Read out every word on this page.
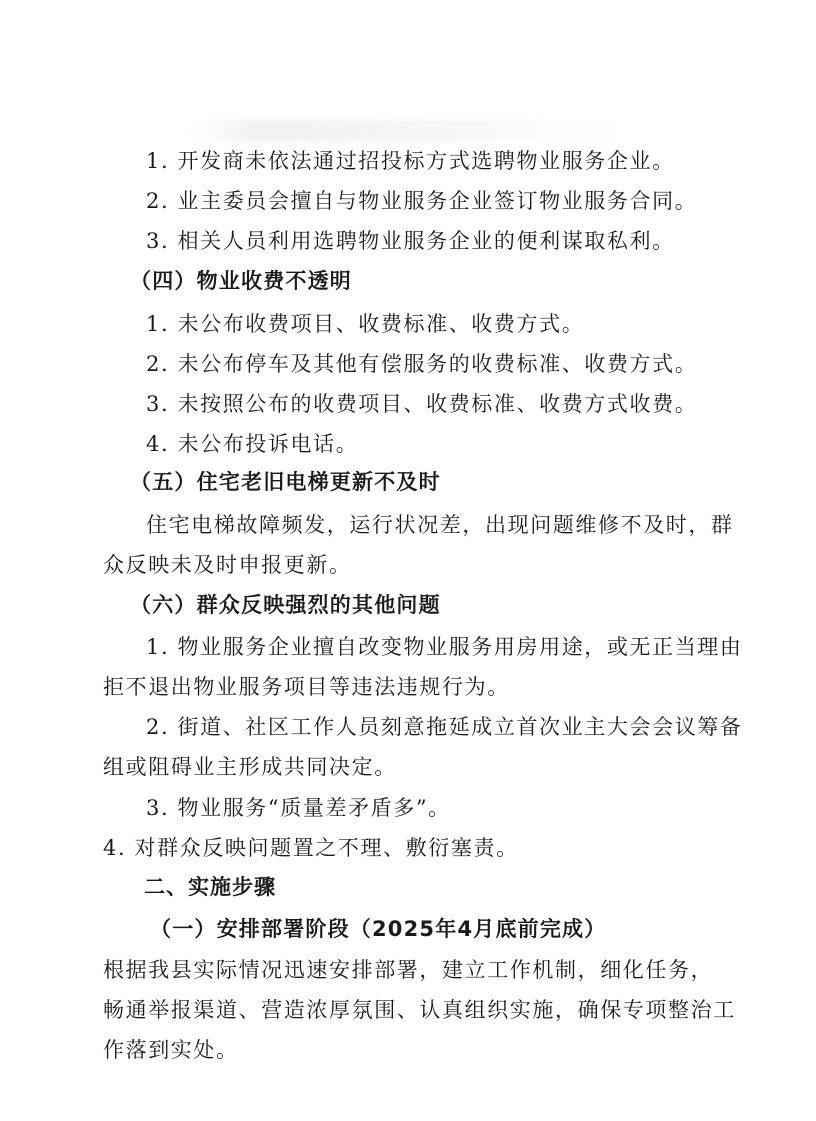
1. 开发商未依法通过招投标方式选聘物业服务企业。
2. 业主委员会擅自与物业服务企业签订物业服务合同。
3. 相关人员利用选聘物业服务企业的便利谋取私利。
（四）物业收费不透明
1. 未公布收费项目、收费标准、收费方式。
2. 未公布停车及其他有偿服务的收费标准、收费方式。
3. 未按照公布的收费项目、收费标准、收费方式收费。
4. 未公布投诉电话。
（五）住宅老旧电梯更新不及时
住宅电梯故障频发，运行状况差，出现问题维修不及时，群
众反映未及时申报更新。
（六）群众反映强烈的其他问题
1. 物业服务企业擅自改变物业服务用房用途，或无正当理由
拒不退出物业服务项目等违法违规行为。
2. 街道、社区工作人员刻意拖延成立首次业主大会会议筹备
组或阻碍业主形成共同决定。
3. 物业服务“质量差矛盾多”。
4. 对群众反映问题置之不理、敷衍塞责。
二、实施步骤
（一）安排部署阶段（2025年4月底前完成）
根据我县实际情况迅速安排部署，建立工作机制，细化任务，
畅通举报渠道、营造浓厚氛围、认真组织实施，确保专项整治工
作落到实处。
